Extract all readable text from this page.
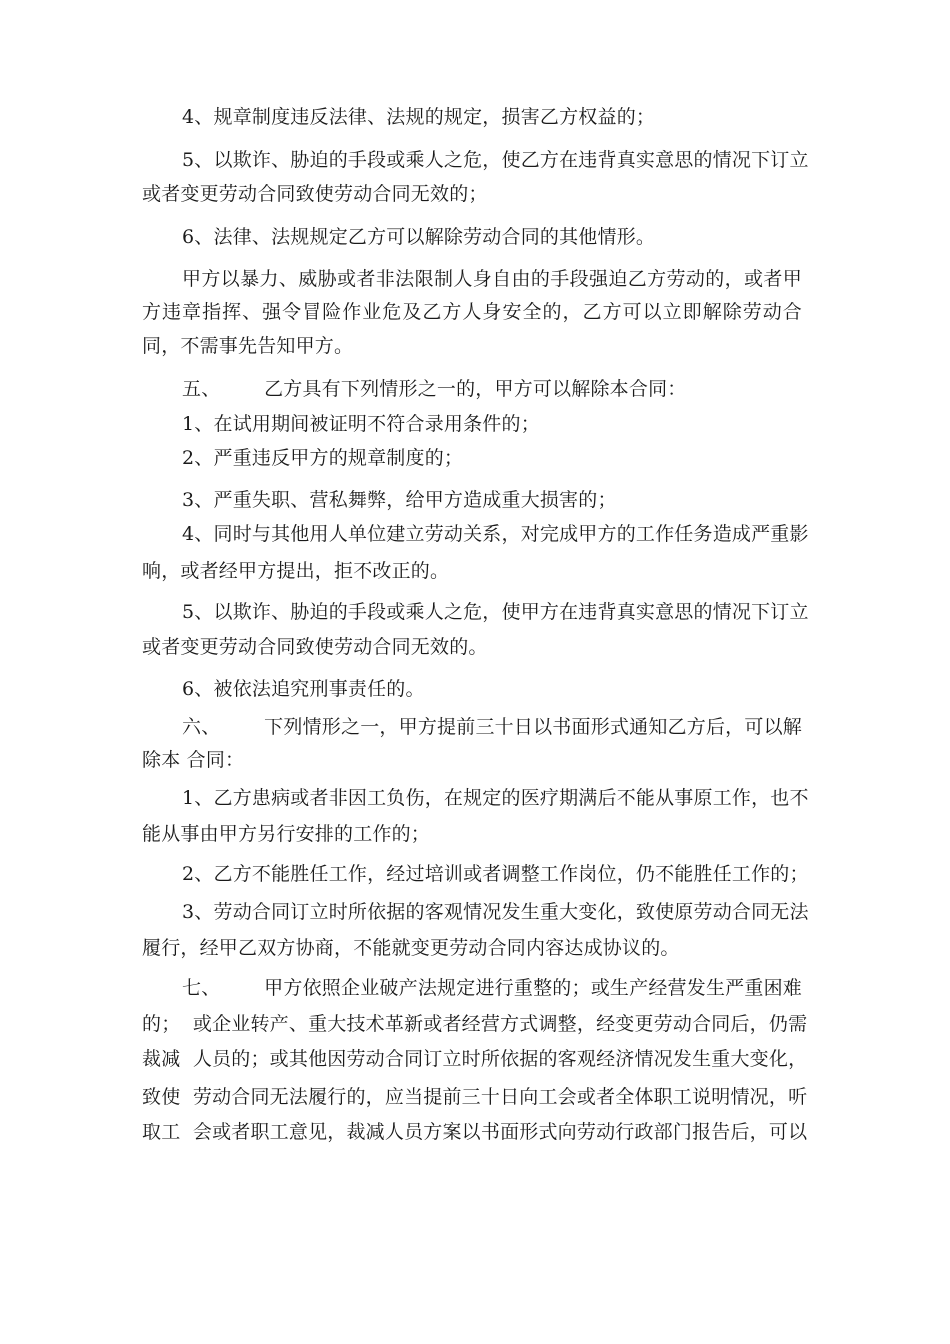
4、规章制度违反法律、法规的规定，损害乙方权益的；
5、以欺诈、胁迫的手段或乘人之危，使乙方在违背真实意思的情况下订立
或者变更劳动合同致使劳动合同无效的；
6、法律、法规规定乙方可以解除劳动合同的其他情形。
甲方以暴力、威胁或者非法限制人身自由的手段强迫乙方劳动的，或者甲
方违章指挥、强令冒险作业危及乙方人身安全的，乙方可以立即解除劳动合
同，不需事先告知甲方。
五、       乙方具有下列情形之一的，甲方可以解除本合同：
1、在试用期间被证明不符合录用条件的；
2、严重违反甲方的规章制度的；
3、严重失职、营私舞弊，给甲方造成重大损害的；
4、同时与其他用人单位建立劳动关系，对完成甲方的工作任务造成严重影
响，或者经甲方提出，拒不改正的。
5、以欺诈、胁迫的手段或乘人之危，使甲方在违背真实意思的情况下订立
或者变更劳动合同致使劳动合同无效的。
6、被依法追究刑事责任的。
六、       下列情形之一，甲方提前三十日以书面形式通知乙方后，可以解
除本 合同：
1、乙方患病或者非因工负伤，在规定的医疗期满后不能从事原工作，也不
能从事由甲方另行安排的工作的；
2、乙方不能胜任工作，经过培训或者调整工作岗位，仍不能胜任工作的；
3、劳动合同订立时所依据的客观情况发生重大变化，致使原劳动合同无法
履行，经甲乙双方协商，不能就变更劳动合同内容达成协议的。
七、       甲方依照企业破产法规定进行重整的；或生产经营发生严重困难
的；  或企业转产、重大技术革新或者经营方式调整，经变更劳动合同后，仍需
裁减  人员的；或其他因劳动合同订立时所依据的客观经济情况发生重大变化，
致使  劳动合同无法履行的，应当提前三十日向工会或者全体职工说明情况，听
取工  会或者职工意见，裁减人员方案以书面形式向劳动行政部门报告后，可以
